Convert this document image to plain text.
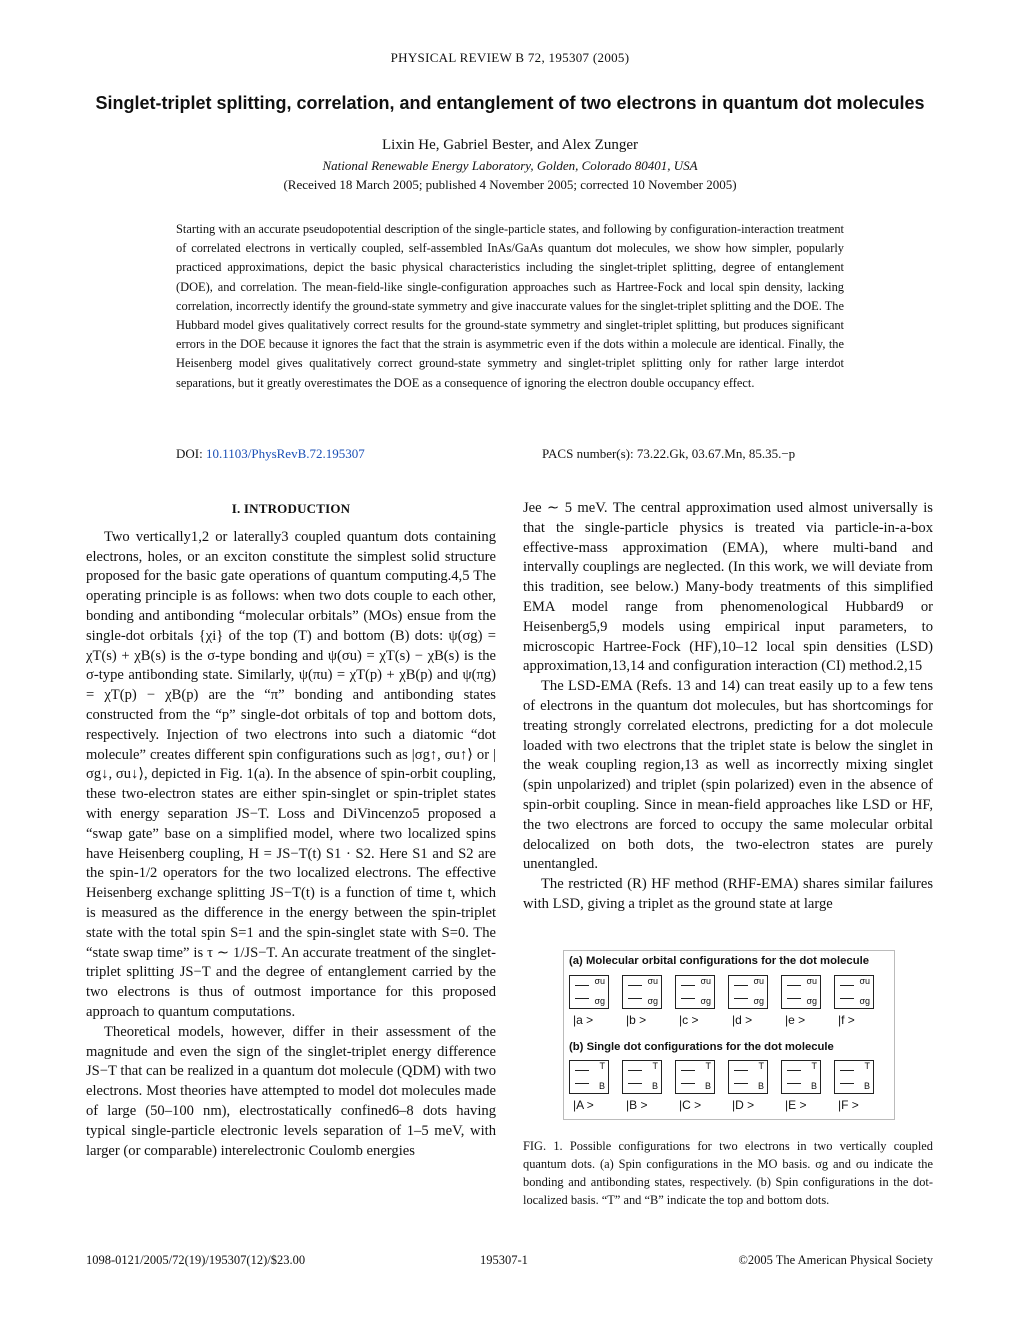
PHYSICAL REVIEW B 72, 195307 (2005)
Singlet-triplet splitting, correlation, and entanglement of two electrons in quantum dot molecules
Lixin He, Gabriel Bester, and Alex Zunger
National Renewable Energy Laboratory, Golden, Colorado 80401, USA
(Received 18 March 2005; published 4 November 2005; corrected 10 November 2005)
Starting with an accurate pseudopotential description of the single-particle states, and following by configuration-interaction treatment of correlated electrons in vertically coupled, self-assembled InAs/GaAs quantum dot molecules, we show how simpler, popularly practiced approximations, depict the basic physical characteristics including the singlet-triplet splitting, degree of entanglement (DOE), and correlation. The mean-field-like single-configuration approaches such as Hartree-Fock and local spin density, lacking correlation, incorrectly identify the ground-state symmetry and give inaccurate values for the singlet-triplet splitting and the DOE. The Hubbard model gives qualitatively correct results for the ground-state symmetry and singlet-triplet splitting, but produces significant errors in the DOE because it ignores the fact that the strain is asymmetric even if the dots within a molecule are identical. Finally, the Heisenberg model gives qualitatively correct ground-state symmetry and singlet-triplet splitting only for rather large interdot separations, but it greatly overestimates the DOE as a consequence of ignoring the electron double occupancy effect.
DOI: 10.1103/PhysRevB.72.195307	PACS number(s): 73.22.Gk, 03.67.Mn, 85.35.−p
I. INTRODUCTION

Two vertically1,2 or laterally3 coupled quantum dots containing electrons, holes, or an exciton constitute the simplest solid structure proposed for the basic gate operations of quantum computing.4,5 The operating principle is as follows: when two dots couple to each other, bonding and antibonding “molecular orbitals” (MOs) ensue from the single-dot orbitals {χi} of the top (T) and bottom (B) dots: ψ(σg) = χT(s) + χB(s) is the σ-type bonding and ψ(σu) = χT(s) − χB(s) is the σ-type antibonding state. Similarly, ψ(πu) = χT(p) + χB(p) and ψ(πg) = χT(p) − χB(p) are the “π” bonding and antibonding states constructed from the “p” single-dot orbitals of top and bottom dots, respectively. Injection of two electrons into such a diatomic “dot molecule” creates different spin configurations such as |σg↑, σu↑⟩ or |σg↓, σu↓⟩, depicted in Fig. 1(a). In the absence of spin-orbit coupling, these two-electron states are either spin-singlet or spin-triplet states with energy separation JS−T. Loss and DiVincenzo5 proposed a “swap gate” base on a simplified model, where two localized spins have Heisenberg coupling, H = JS−T(t) S1 · S2. Here S1 and S2 are the spin-1/2 operators for the two localized electrons. The effective Heisenberg exchange splitting JS−T(t) is a function of time t, which is measured as the difference in the energy between the spin-triplet state with the total spin S=1 and the spin-singlet state with S=0. The “state swap time” is τ ∼ 1/JS−T. An accurate treatment of the singlet-triplet splitting JS−T and the degree of entanglement carried by the two electrons is thus of outmost importance for this proposed approach to quantum computations.

Theoretical models, however, differ in their assessment of the magnitude and even the sign of the singlet-triplet energy difference JS−T that can be realized in a quantum dot molecule (QDM) with two electrons. Most theories have attempted to model dot molecules made of large (50–100 nm), electrostatically confined6–8 dots having typical single-particle electronic levels separation of 1–5 meV, with larger (or comparable) interelectronic Coulomb energies

Jee ∼ 5 meV. The central approximation used almost universally is that the single-particle physics is treated via particle-in-a-box effective-mass approximation (EMA), where multi-band and intervally couplings are neglected. (In this work, we will deviate from this tradition, see below.) Many-body treatments of this simplified EMA model range from phenomenological Hubbard9 or Heisenberg5,9 models using empirical input parameters, to microscopic Hartree-Fock (HF),10–12 local spin densities (LSD) approximation,13,14 and configuration interaction (CI) method.2,15

The LSD-EMA (Refs. 13 and 14) can treat easily up to a few tens of electrons in the quantum dot molecules, but has shortcomings for treating strongly correlated electrons, predicting for a dot molecule loaded with two electrons that the triplet state is below the singlet in the weak coupling region,13 as well as incorrectly mixing singlet (spin unpolarized) and triplet (spin polarized) even in the absence of spin-orbit coupling. Since in mean-field approaches like LSD or HF, the two electrons are forced to occupy the same molecular orbital delocalized on both dots, the two-electron states are purely unentangled.

The restricted (R) HF method (RHF-EMA) shares similar failures with LSD, giving a triplet as the ground state at large

(a) Molecular orbital configurations for the dot molecule
(b) Single dot configurations for the dot molecule
σu
σg
|a >
σu
σg
|b >
σu
σg
|c >
σu
σg
|d >
σu
σg
|e >
σu
σg
|f >
T
B
|A >
T
B
|B >
T
B
|C >
T
B
|D >
T
B
|E >
T
B
|F >
FIG. 1. Possible configurations for two electrons in two vertically coupled quantum dots. (a) Spin configurations in the MO basis. σg and σu indicate the bonding and antibonding states, respectively. (b) Spin configurations in the dot-localized basis. “T” and “B” indicate the top and bottom dots.
1098-0121/2005/72(19)/195307(12)/$23.00	195307-1	©2005 The American Physical Society
